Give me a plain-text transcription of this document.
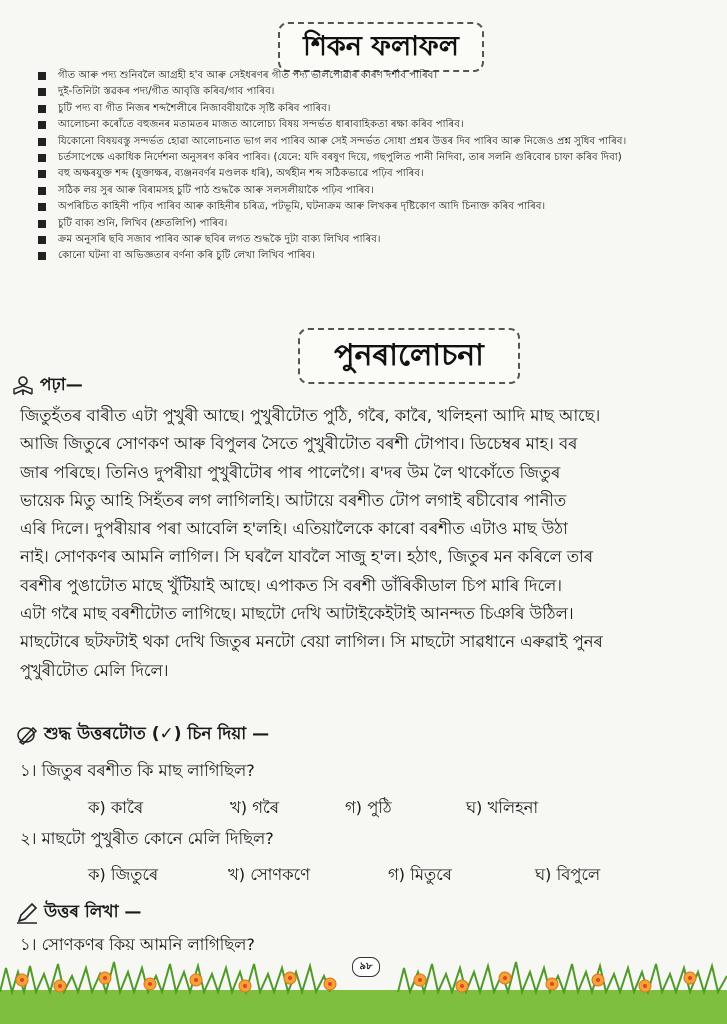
শিকন ফলাফল
গীত আৰু পদ্য শুনিবলৈ আগ্ৰহী হ'ব আৰু সেইধৰণৰ গীত পদ্য ভালপোৱাৰ কাৰণ দৰ্শাব পাৰিব।
দুই-তিনিটা স্তৱকৰ পদ্য/গীত আবৃত্তি কৰিব/গাব পাৰিব।
চুটি পদ্য বা গীত নিজৰ শব্দশৈলীৰে নিজাববীয়াকৈ সৃষ্টি কৰিব পাৰিব।
আলোচনা কৰোঁতে বহুজনৰ মতামতৰ মাজত আলোচ্য বিষয় সন্দৰ্ভত ধাৰাবাহিকতা ৰক্ষা কৰিব পাৰিব।
যিকোনো বিষয়বস্তু সন্দৰ্ভত হোৱা আলোচনাত ভাগ লব পাৰিব আৰু সেই সন্দৰ্ভত সোধা প্ৰশ্নৰ উত্তৰ দিব পাৰিব আৰু নিজেও প্ৰশ্ন সুধিব পাৰিব।
চৰ্তসাপেক্ষে একাধিক নিৰ্দেশনা অনুসৰণ কৰিব পাৰিব। (যেনে: যদি বৰষুণ দিয়ে, গছপুলিত পানী নিদিবা, তাৰ সলনি গুৰিবোৰ চাফা কৰিব দিবা)
বহু অক্ষৰযুক্ত শব্দ (যুক্তাক্ষৰ, ব্যঞ্জনবৰ্ণৰ মণ্ডলক ধৰি), অৰ্থহীন শব্দ সঠিকভাৱে পঢ়িব পাৰিব।
সঠিক লয় সুৰ আৰু বিৰামসহ চুটি পাঠ শুদ্ধকৈ আৰু সলসলীয়াকৈ পঢ়িব পাৰিব।
অপৰিচিত কাহিনী পঢ়িব পাৰিব আৰু কাহিনীৰ চৰিত্ৰ, পটভূমি, ঘটনাক্ৰম আৰু লিখকৰ দৃষ্টিকোণ আদি চিনাক্ত কৰিব পাৰিব।
চুটি বাক্য শুনি, লিখিব (শ্ৰুতলিপি) পাৰিব।
ক্ৰম অনুসৰি ছবি সজাব পাৰিব আৰু ছবিৰ লগত শুদ্ধকৈ দুটা বাক্য লিখিব পাৰিব।
কোনো ঘটনা বা অভিজ্ঞতাৰ বৰ্ণনা কৰি চুটি লেখা লিখিব পাৰিব।
পুনৰালোচনা
পঢ়া—
জিতুহঁতৰ বাৰীত এটা পুখুৰী আছে। পুখুৰীটোত পুঠি, গৰৈ, কাৰৈ, খলিহনা আদি মাছ আছে।
আজি জিতুৰে সোণকণ আৰু বিপুলৰ সৈতে পুখুৰীটোত বৰশী টোপাব। ডিচেম্বৰ মাহ। বৰ
জাৰ পৰিছে। তিনিও দুপৰীয়া পুখুৰীটোৰ পাৰ পালেগৈ। ৰ'দৰ উম লৈ থাকোঁতে জিতুৰ
ভায়েক মিতু আহি সিহঁতৰ লগ লাগিলহি। আটায়ে বৰশীত টোপ লগাই ৰচীবোৰ পানীত
এৰি দিলে। দুপৰীয়াৰ পৰা আবেলি হ'লহি। এতিয়ালৈকে কাৰো বৰশীত এটাও মাছ উঠা
নাই। সোণকণৰ আমনি লাগিল। সি ঘৰলৈ যাবলৈ সাজু হ'ল। হঠাৎ, জিতুৰ মন কৰিলে তাৰ
বৰশীৰ পুঙাটোত মাছে খুঁটিয়াই আছে। এপাকত সি বৰশী ডাঁৰিকীডাল চিপ মাৰি দিলে।
এটা গৰৈ মাছ বৰশীটোত লাগিছে। মাছটো দেখি আটাইকেইটাই আনন্দত চিঞৰি উঠিল।
মাছটোৰে ছটফটাই থকা দেখি জিতুৰ মনটো বেয়া লাগিল। সি মাছটো সাৱধানে এৰুৱাই পুনৰ
পুখুৰীটোত মেলি দিলে।
শুদ্ধ উত্তৰটোত (✓) চিন দিয়া —
১। জিতুৰ বৰশীত কি মাছ লাগিছিল?
ক) কাৰৈ	খ) গৰৈ	গ) পুঠি	ঘ) খলিহনা
২। মাছটো পুখুৰীত কোনে মেলি দিছিল?
ক) জিতুৰে	খ) সোণকণে	গ) মিতুৰে	ঘ) বিপুলে
উত্তৰ লিখা —
১। সোণকণৰ কিয় আমনি লাগিছিল?
৯৮
